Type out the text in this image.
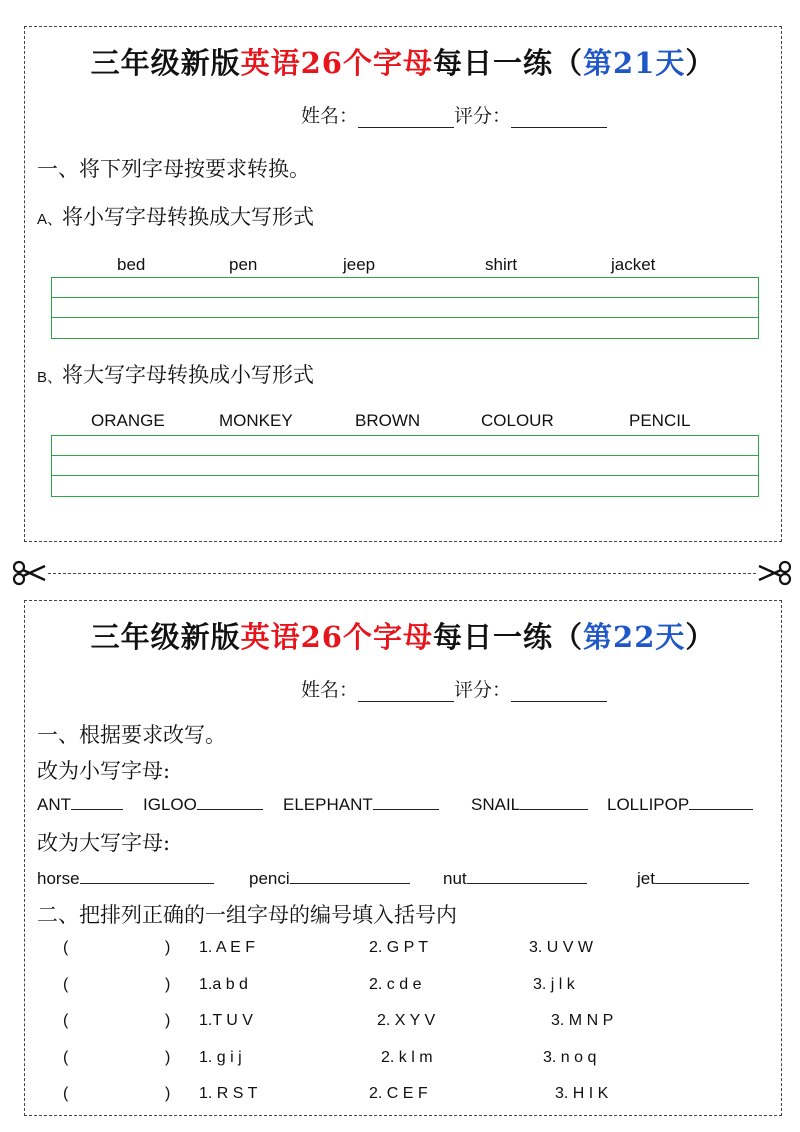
三年级新版英语26个字母每日一练（第21天）
姓名：	评分：
一、将下列字母按要求转换。
A、将小写字母转换成大写形式
bed	pen	jeep	shirt	jacket
B、将大写字母转换成小写形式
ORANGE	MONKEY	BROWN	COLOUR	PENCIL
三年级新版英语26个字母每日一练（第22天）
姓名：	评分：
一、根据要求改写。
改为小写字母:
ANT	IGLOO	ELEPHANT	SNAIL	LOLLIPOP
改为大写字母:
horse	penci	nut	jet
二、把排列正确的一组字母的编号填入括号内
(	) 1. A E F	2. G P T	3. U V W
(	) 1.a b d	2. c d e	3. j l k
(	) 1.T U V	2. X Y V	3. M N P
(	) 1. g i j	2. k l m	3. n o q
(	) 1. R S T	2. C E F	3. H I K
